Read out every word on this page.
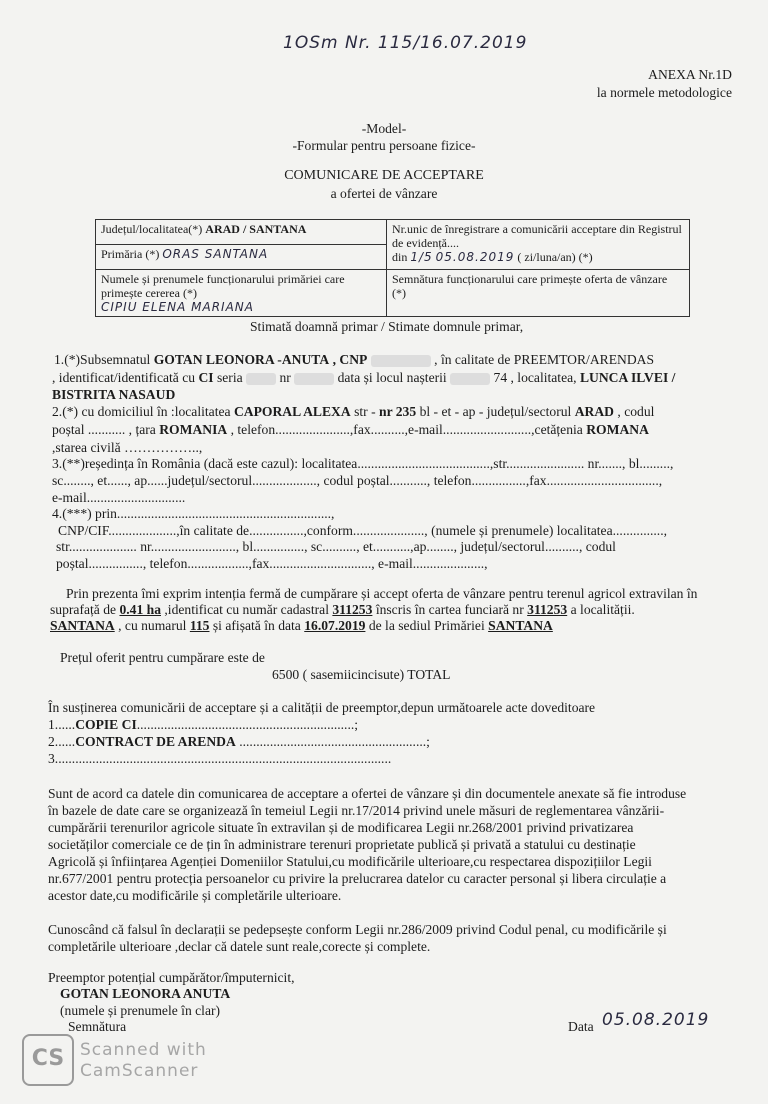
1OSm Nr. 115/16.07.2019
ANEXA Nr.1D
la normele metodologice
-Model-
-Formular pentru persoane fizice-
COMUNICARE DE ACCEPTARE
a ofertei de vânzare
Județul/localitatea(*) ARAD / SANTANA	Nr.unic de înregistrare a comunicării acceptare din Registrul de evidență....
din 1/5 05.08.2019 ( zi/luna/an) (*)
Primăria (*) ORAS SANTANA	
Numele și prenumele funcționarului primăriei care primește cererea (*)
CIPIU ELENA MARIANA	Semnătura funcționarului care primește oferta de vânzare (*)
Stimată doamnă primar / Stimate domnule primar,
1.(*)Subsemnatul GOTAN LEONORA -ANUTA , CNP	, în calitate de PREEMTOR/ARENDAS
, identificat/identificată cu CI seria	nr	data și locul nașterii	74 , localitatea, LUNCA ILVEI /
BISTRITA NASAUD
2.(*) cu domiciliul în :localitatea CAPORAL ALEXA str - nr 235 bl - et - ap - județul/sectorul ARAD , codul
poștal ........... , țara ROMANIA , telefon......................,fax..........,e-mail..........................,cetățenia ROMANA
,starea civilă ……………..,
3.(**)reședința în România (dacă este cazul): localitatea.......................................,str....................... nr......., bl.........,
sc........, et......, ap......județul/sectorul..................., codul poștal..........., telefon................,fax.................................,
e-mail.............................
4.(***) prin...............................................................,
CNP/CIF....................,în calitate de................,conform....................., (numele și prenumele) localitatea...............,
str.................... nr........................., bl..............., sc.........., et...........,ap........, județul/sectorul.........., codul
poștal................, telefon..................,fax.............................., e-mail.....................,
Prin prezenta îmi exprim intenția fermă de cumpărare și accept oferta de vânzare pentru terenul agricol extravilan în
suprafață de 0.41 ha ,identificat cu număr cadastral 311253 înscris în cartea funciară nr 311253 a localității.
SANTANA , cu numarul 115 și afișată în data 16.07.2019 de la sediul Primăriei SANTANA
Prețul oferit pentru cumpărare este de
6500 ( sasemiicincisute) TOTAL
În susținerea comunicării de acceptare și a calității de preemptor,depun următoarele acte doveditoare
1......COPIE CI................................................................;
2......CONTRACT DE ARENDA .......................................................;
3...................................................................................................
Sunt de acord ca datele din comunicarea de acceptare a ofertei de vânzare și din documentele anexate să fie introduse
în bazele de date care se organizează în temeiul Legii nr.17/2014 privind unele măsuri de reglementarea vânzării-
cumpărării terenurilor agricole situate în extravilan și de modificarea Legii nr.268/2001 privind privatizarea
societăților comerciale ce de țin în administrare terenuri proprietate publică și privată a statului cu destinație
Agricolă și înființarea Agenției Domeniilor Statului,cu modificările ulterioare,cu respectarea dispozițiilor Legii
nr.677/2001 pentru protecția persoanelor cu privire la prelucrarea datelor cu caracter personal și libera circulație a
acestor date,cu modificările și completările ulterioare.
Cunoscând că falsul în declarații se pedepsește conform Legii nr.286/2009 privind Codul penal, cu modificările și
completările ulterioare ,declar că datele sunt reale,corecte și complete.
Preemptor potențial cumpărător/împuternicit,
GOTAN LEONORA ANUTA
(numele și prenumele în clar)
Semnătura	Data 05.08.2019
CS Scanned with
CamScanner
